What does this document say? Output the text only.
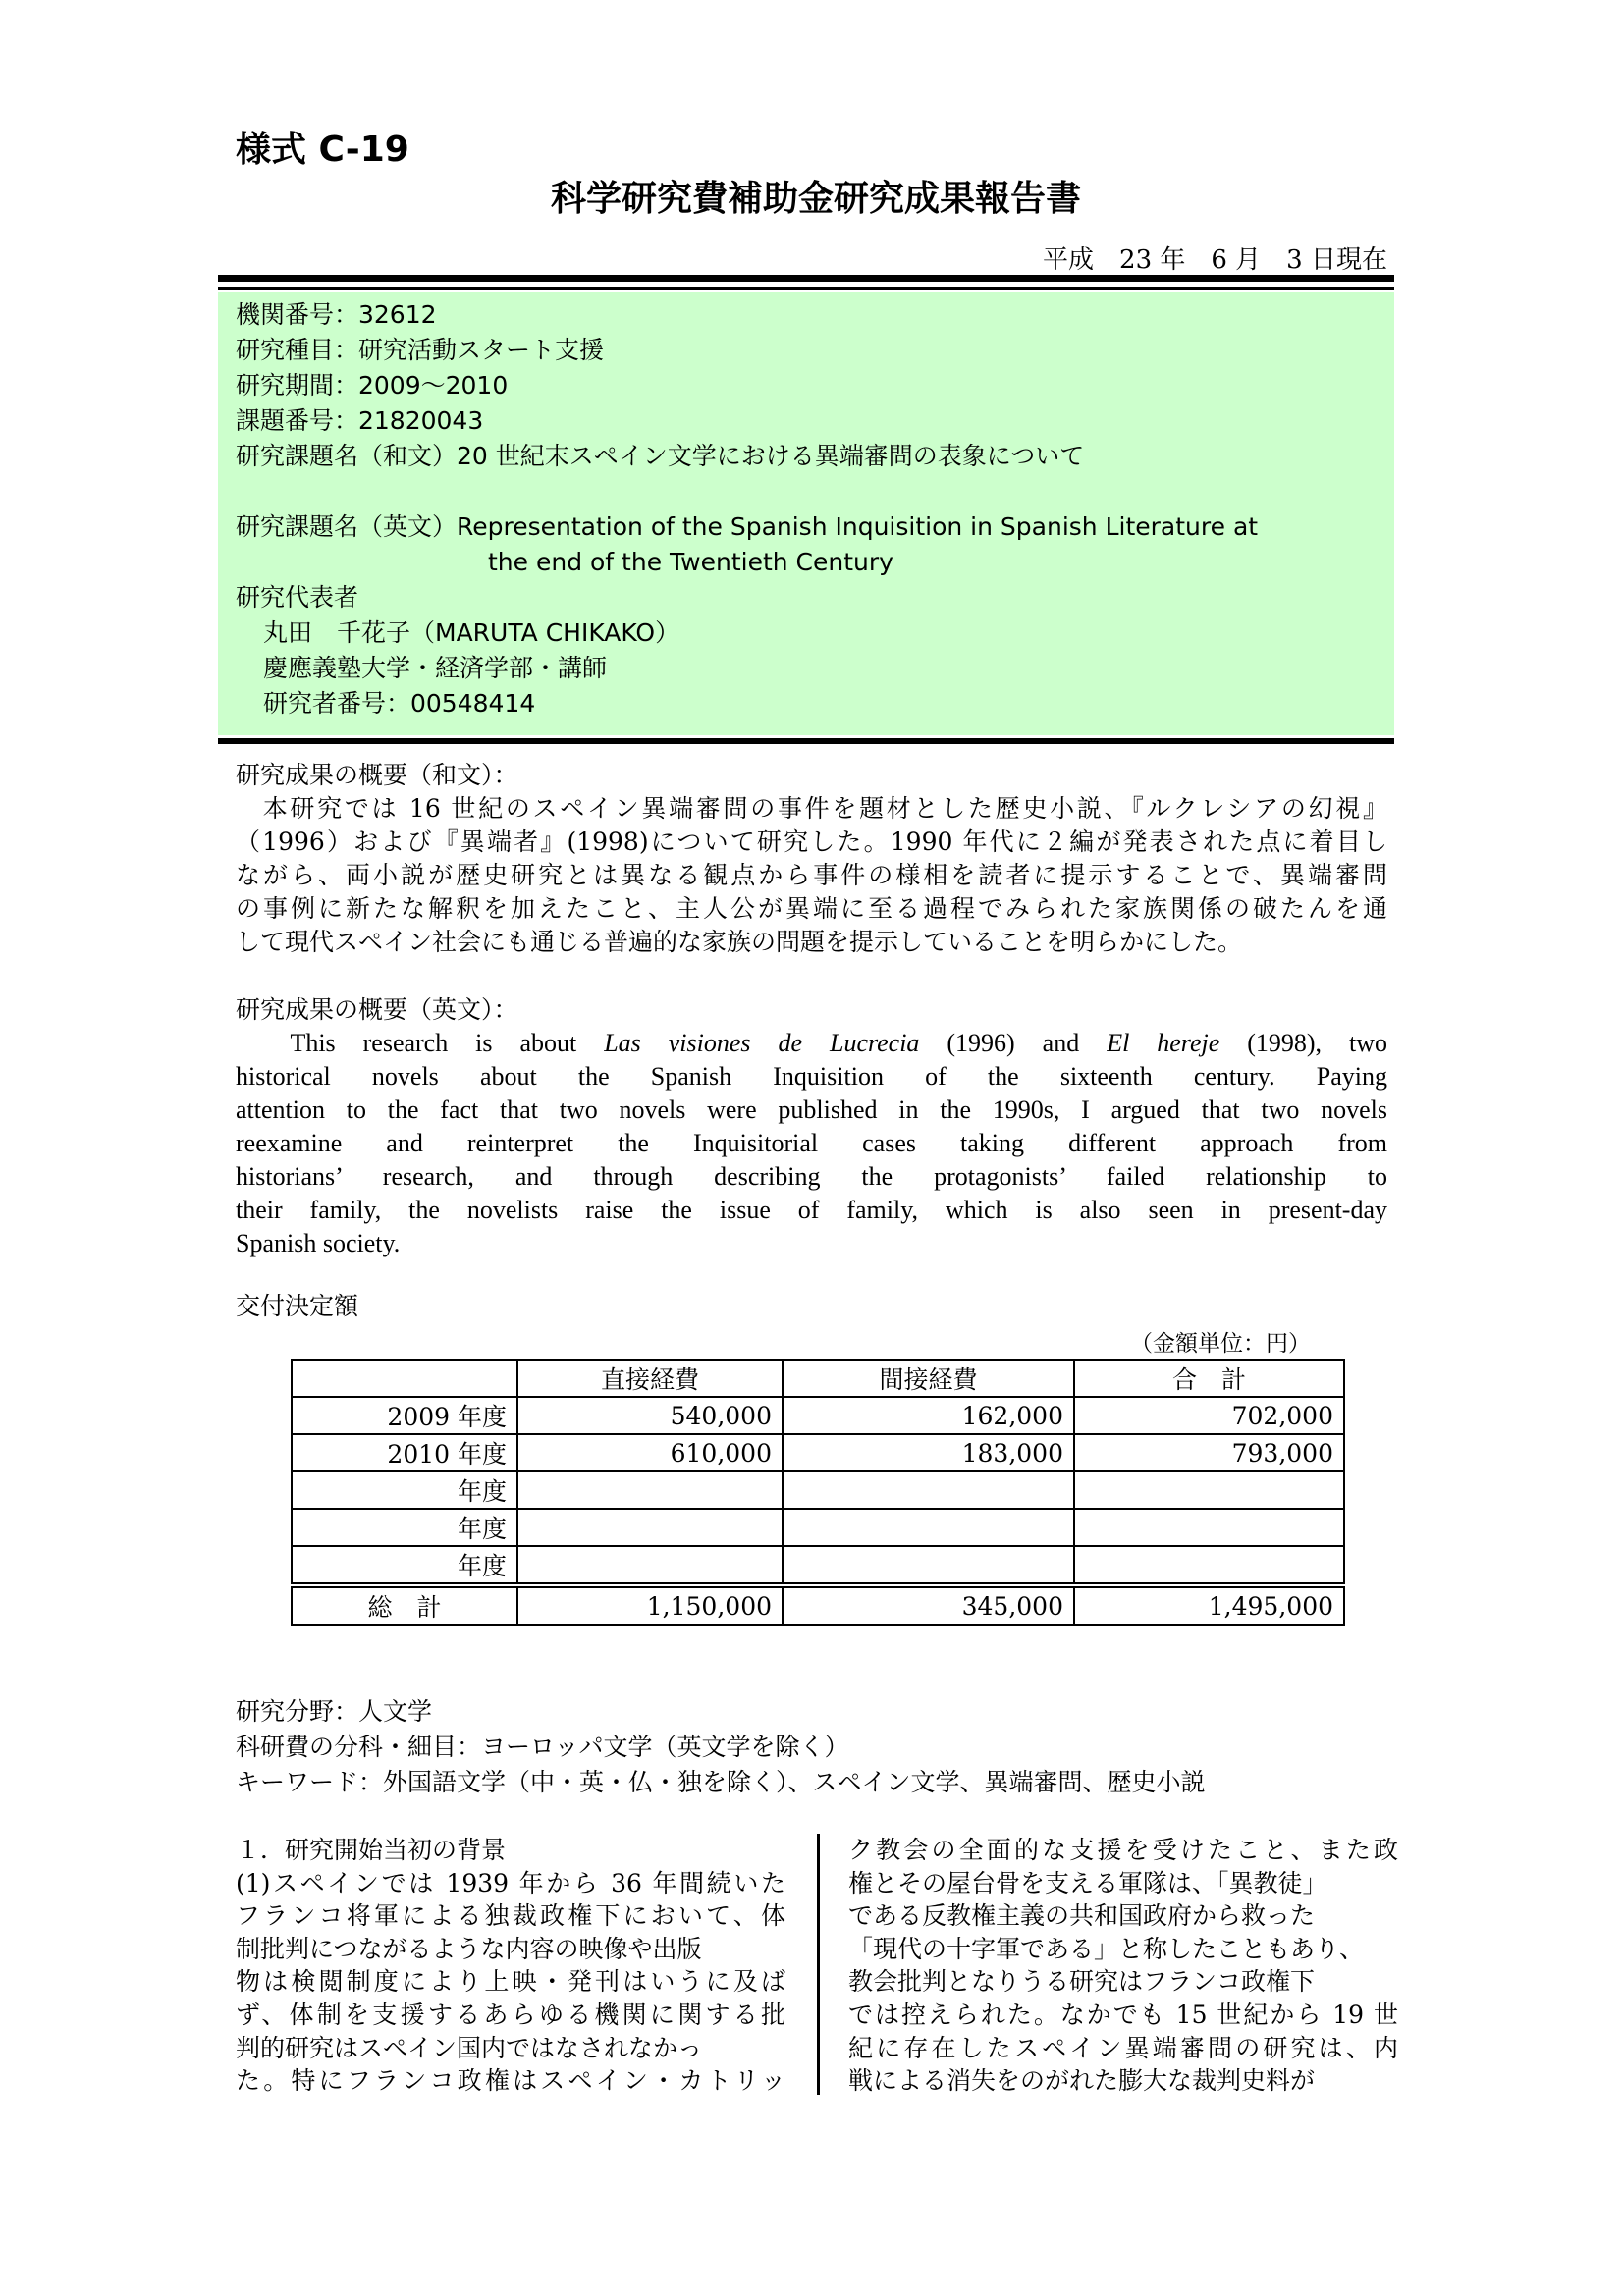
様式 C-19
科学研究費補助金研究成果報告書
平成　23 年　6 月　3 日現在
機関番号：32612
研究種目：研究活動スタート支援
研究期間：2009～2010
課題番号：21820043
研究課題名（和文）20 世紀末スペイン文学における異端審問の表象について
研究課題名（英文）Representation of the Spanish Inquisition in Spanish Literature at
the end of the Twentieth Century
研究代表者
丸田　千花子（MARUTA CHIKAKO）
慶應義塾大学・経済学部・講師
研究者番号：00548414
研究成果の概要（和文）：
　本研究では 16 世紀のスペイン異端審問の事件を題材とした歴史小説、『ルクレシアの幻視』
（1996）および『異端者』(1998)について研究した。1990 年代に２編が発表された点に着目し
ながら、両小説が歴史研究とは異なる観点から事件の様相を読者に提示することで、異端審問
の事例に新たな解釈を加えたこと、主人公が異端に至る過程でみられた家族関係の破たんを通
して現代スペイン社会にも通じる普遍的な家族の問題を提示していることを明らかにした。
研究成果の概要（英文）：
This research is about Las visiones de Lucrecia (1996) and El hereje (1998), two
historical novels about the Spanish Inquisition of the sixteenth century. Paying
attention to the fact that two novels were published in the 1990s, I argued that two novels
reexamine and reinterpret the Inquisitorial cases taking different approach from
historians’ research, and through describing the protagonists’ failed relationship to
their family, the novelists raise the issue of family, which is also seen in present-day
Spanish society.
交付決定額
（金額単位：円）
	直接経費	間接経費	合　計
2009 年度	540,000	162,000	702,000
2010 年度	610,000	183,000	793,000
年度			
年度			
年度			
総　計	1,150,000	345,000	1,495,000
研究分野：人文学
科研費の分科・細目：ヨーロッパ文学（英文学を除く）
キーワード：外国語文学（中・英・仏・独を除く）、スペイン文学、異端審問、歴史小説
１．研究開始当初の背景
(1)スペインでは 1939 年から 36 年間続いた
フランコ将軍による独裁政権下において、体
制批判につながるような内容の映像や出版
物は検閲制度により上映・発刊はいうに及ば
ず、体制を支援するあらゆる機関に関する批
判的研究はスペイン国内ではなされなかっ
た。特にフランコ政権はスペイン・カトリッ
ク教会の全面的な支援を受けたこと、また政
権とその屋台骨を支える軍隊は、「異教徒」
である反教権主義の共和国政府から救った
「現代の十字軍である」と称したこともあり、
教会批判となりうる研究はフランコ政権下
では控えられた。なかでも 15 世紀から 19 世
紀に存在したスペイン異端審問の研究は、内
戦による消失をのがれた膨大な裁判史料が
